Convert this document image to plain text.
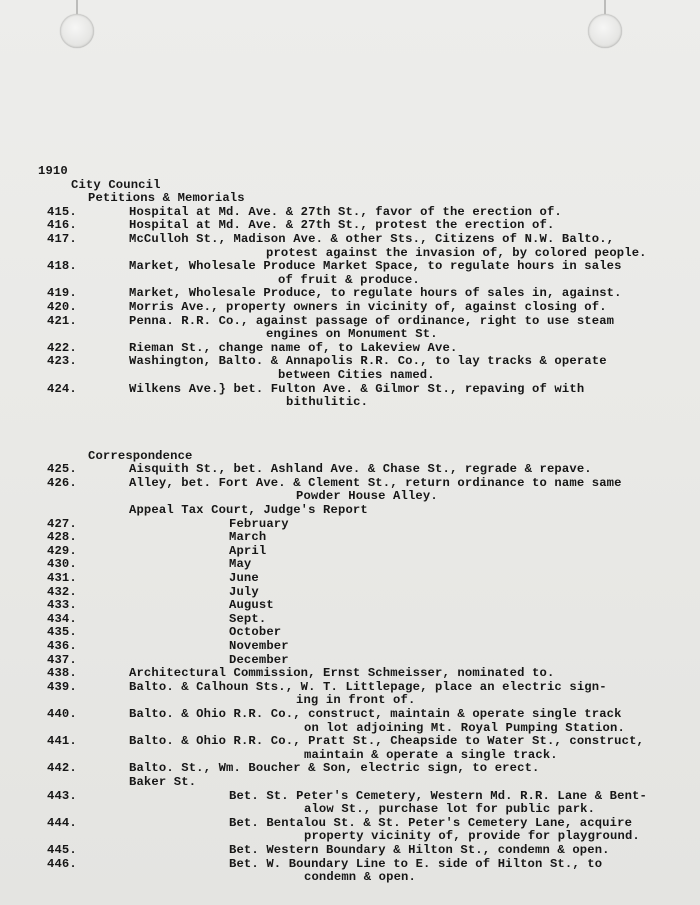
1910
City Council
Petitions & Memorials
415.	Hospital at Md. Ave. & 27th St., favor of the erection of.
416.	Hospital at Md. Ave. & 27th St., protest the erection of.
417.	McCulloh St., Madison Ave. & other Sts., Citizens of N.W. Balto.,
protest against the invasion of, by colored people.
418.	Market, Wholesale Produce Market Space, to regulate hours in sales
of fruit & produce.
419.	Market, Wholesale Produce, to regulate hours of sales in, against.
420.	Morris Ave., property owners in vicinity of, against closing of.
421.	Penna. R.R. Co., against passage of ordinance, right to use steam
engines on Monument St.
422.	Rieman St., change name of, to Lakeview Ave.
423.	Washington, Balto. & Annapolis R.R. Co., to lay tracks & operate
between Cities named.
424.	Wilkens Ave.} bet. Fulton Ave. & Gilmor St., repaving of with
bithulitic.
Correspondence
425.	Aisquith St., bet. Ashland Ave. & Chase St., regrade & repave.
426.	Alley, bet. Fort Ave. & Clement St., return ordinance to name same
Powder House Alley.
Appeal Tax Court, Judge's Report
427.	February
428.	March
429.	April
430.	May
431.	June
432.	July
433.	August
434.	Sept.
435.	October
436.	November
437.	December
438.	Architectural Commission, Ernst Schmeisser, nominated to.
439.	Balto. & Calhoun Sts., W. T. Littlepage, place an electric sign-
ing in front of.
440.	Balto. & Ohio R.R. Co., construct, maintain & operate single track
on lot adjoining Mt. Royal Pumping Station.
441.	Balto. & Ohio R.R. Co., Pratt St., Cheapside to Water St., construct,
maintain & operate a single track.
442.	Balto. St., Wm. Boucher & Son, electric sign, to erect.
Baker St.
443.	Bet. St. Peter's Cemetery, Western Md. R.R. Lane & Bent-
alow St., purchase lot for public park.
444.	Bet. Bentalou St. & St. Peter's Cemetery Lane, acquire
property vicinity of, provide for playground.
445.	Bet. Western Boundary & Hilton St., condemn & open.
446.	Bet. W. Boundary Line to E. side of Hilton St., to
condemn & open.
